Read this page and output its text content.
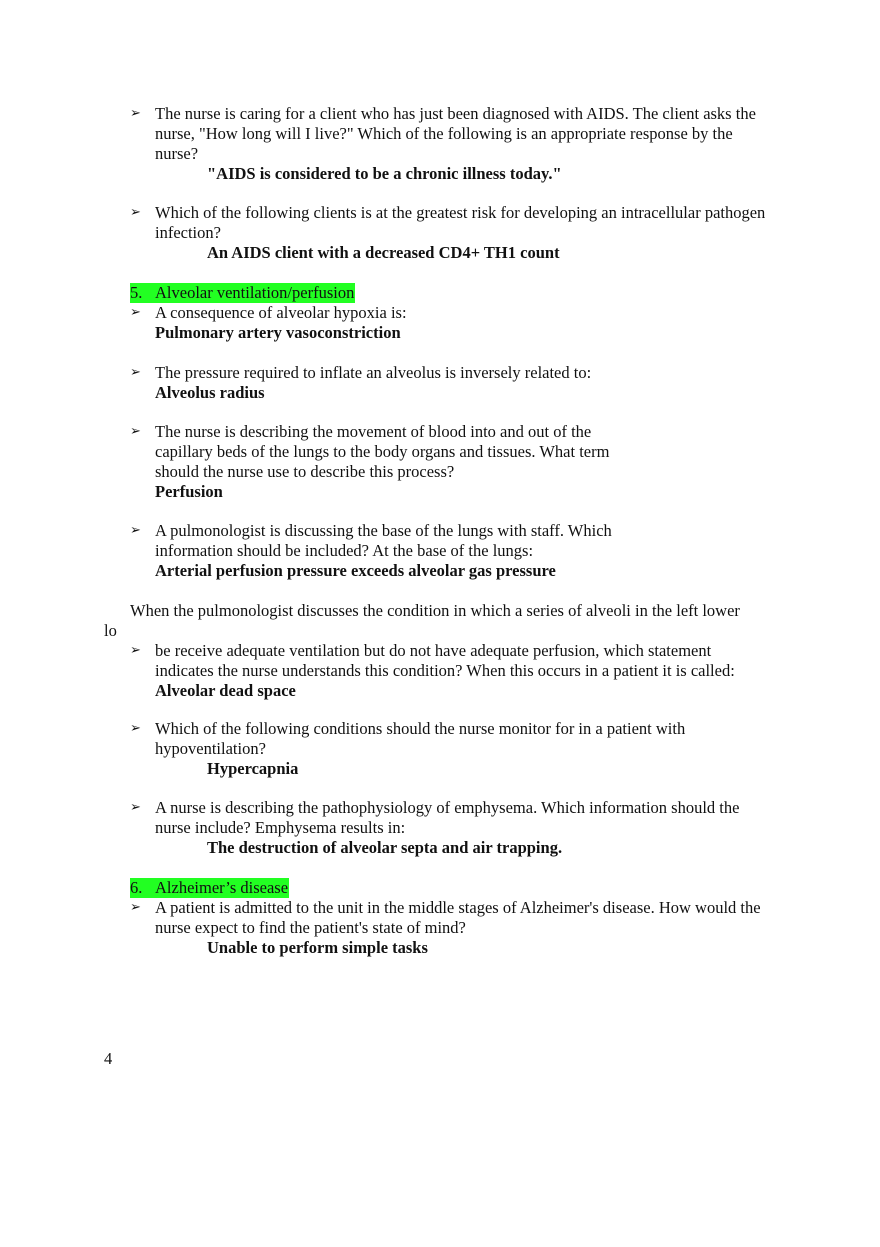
➢ The nurse is caring for a client who has just been diagnosed with AIDS. The client asks the nurse, "How long will I live?" Which of the following is an appropriate response by the nurse?
"AIDS is considered to be a chronic illness today."
➢ Which of the following clients is at the greatest risk for developing an intracellular pathogen infection?
An AIDS client with a decreased CD4+ TH1 count
5. Alveolar ventilation/perfusion
➢ A consequence of alveolar hypoxia is:
Pulmonary artery vasoconstriction
➢ The pressure required to inflate an alveolus is inversely related to:
Alveolus radius
➢ The nurse is describing the movement of blood into and out of the capillary beds of the lungs to the body organs and tissues. What term should the nurse use to describe this process?
Perfusion
➢ A pulmonologist is discussing the base of the lungs with staff. Which information should be included? At the base of the lungs:
Arterial perfusion pressure exceeds alveolar gas pressure
When the pulmonologist discusses the condition in which a series of alveoli in the left lower
lo
➢ be receive adequate ventilation but do not have adequate perfusion, which statement indicates the nurse understands this condition? When this occurs in a patient it is called:
Alveolar dead space
➢ Which of the following conditions should the nurse monitor for in a patient with hypoventilation?
Hypercapnia
➢ A nurse is describing the pathophysiology of emphysema. Which information should the nurse include? Emphysema results in:
The destruction of alveolar septa and air trapping.
6. Alzheimer’s disease
➢ A patient is admitted to the unit in the middle stages of Alzheimer's disease. How would the nurse expect to find the patient's state of mind?
Unable to perform simple tasks
4
